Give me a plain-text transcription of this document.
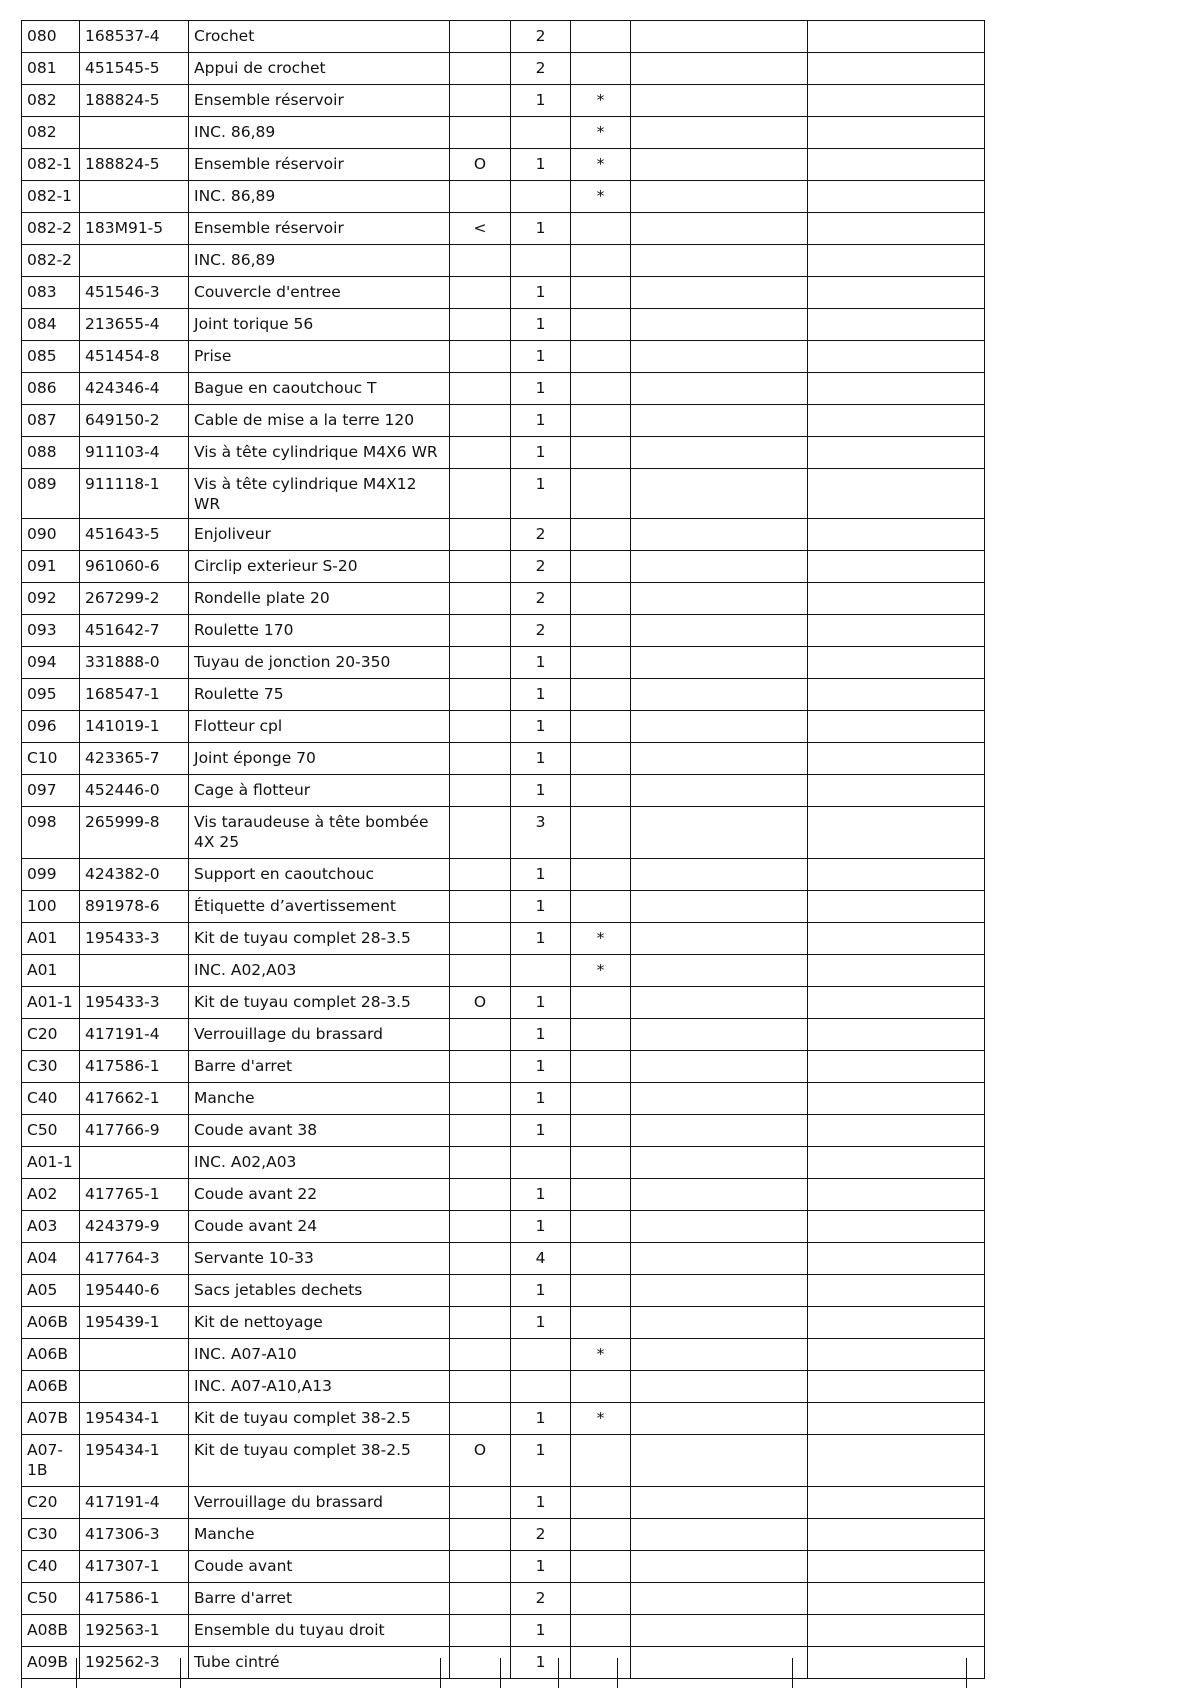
080	168537-4	Crochet		2			
081	451545-5	Appui de crochet		2			
082	188824-5	Ensemble réservoir		1	*		
082		INC. 86,89			*		
082-1	188824-5	Ensemble réservoir	O	1	*		
082-1		INC. 86,89			*		
082-2	183M91-5	Ensemble réservoir	<	1			
082-2		INC. 86,89					
083	451546-3	Couvercle d'entree		1			
084	213655-4	Joint torique 56		1			
085	451454-8	Prise		1			
086	424346-4	Bague en caoutchouc T		1			
087	649150-2	Cable de mise a la terre 120		1			
088	911103-4	Vis à tête cylindrique M4X6 WR		1			
089	911118-1	Vis à tête cylindrique M4X12 WR		1			
090	451643-5	Enjoliveur		2			
091	961060-6	Circlip exterieur S-20		2			
092	267299-2	Rondelle plate 20		2			
093	451642-7	Roulette 170		2			
094	331888-0	Tuyau de jonction 20-350		1			
095	168547-1	Roulette 75		1			
096	141019-1	Flotteur cpl		1			
C10	423365-7	Joint éponge 70		1			
097	452446-0	Cage à flotteur		1			
098	265999-8	Vis taraudeuse à tête bombée 4X 25		3			
099	424382-0	Support en caoutchouc		1			
100	891978-6	Étiquette d’avertissement		1			
A01	195433-3	Kit de tuyau complet 28-3.5		1	*		
A01		INC. A02,A03			*		
A01-1	195433-3	Kit de tuyau complet 28-3.5	O	1			
C20	417191-4	Verrouillage du brassard		1			
C30	417586-1	Barre d'arret		1			
C40	417662-1	Manche		1			
C50	417766-9	Coude avant 38		1			
A01-1		INC. A02,A03					
A02	417765-1	Coude avant 22		1			
A03	424379-9	Coude avant 24		1			
A04	417764-3	Servante 10-33		4			
A05	195440-6	Sacs jetables dechets		1			
A06B	195439-1	Kit de nettoyage		1			
A06B		INC. A07-A10			*		
A06B		INC. A07-A10,A13					
A07B	195434-1	Kit de tuyau complet 38-2.5		1	*		
A07-1B	195434-1	Kit de tuyau complet 38-2.5	O	1			
C20	417191-4	Verrouillage du brassard		1			
C30	417306-3	Manche		2			
C40	417307-1	Coude avant		1			
C50	417586-1	Barre d'arret		2			
A08B	192563-1	Ensemble du tuyau droit		1			
A09B	192562-3	Tube cintré		1			
